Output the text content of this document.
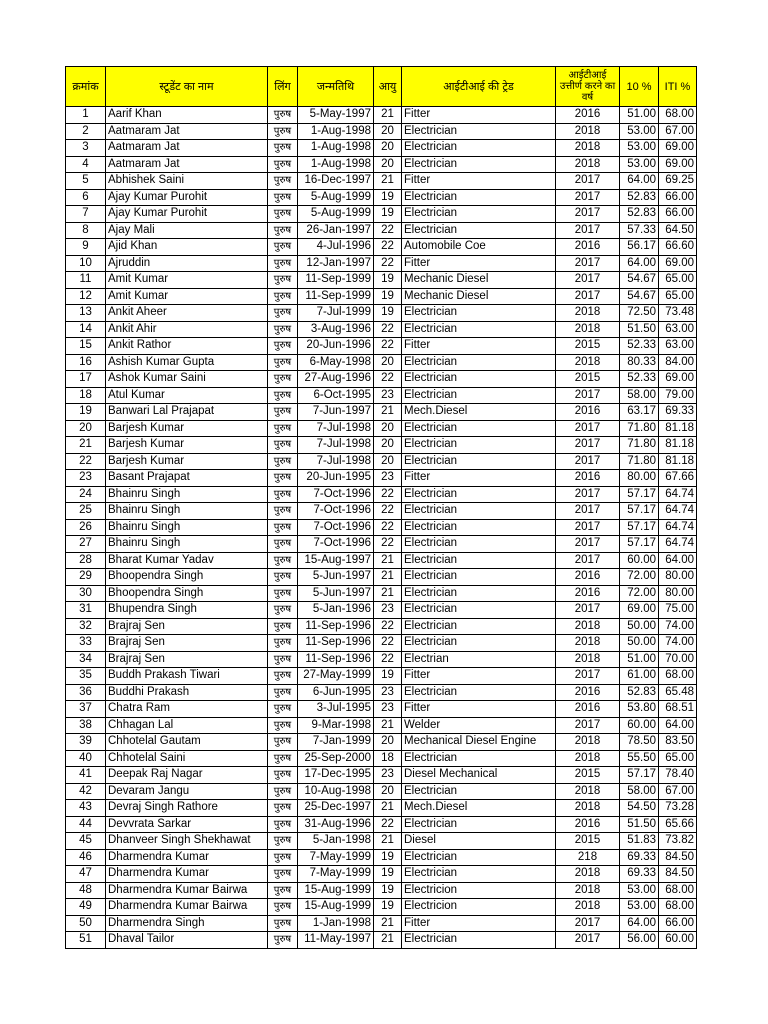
क्रमांक	स्टूडेंट का नाम	लिंग	जन्मतिथि	आयु	आईटीआई की ट्रेड	आईटीआई उत्तीर्ण करने का वर्ष	10 %	ITI %
1	Aarif Khan	पुरुष	5-May-1997	21	Fitter	2016	51.00	68.00
2	Aatmaram Jat	पुरुष	1-Aug-1998	20	Electrician	2018	53.00	67.00
3	Aatmaram Jat	पुरुष	1-Aug-1998	20	Electrician	2018	53.00	69.00
4	Aatmaram Jat	पुरुष	1-Aug-1998	20	Electrician	2018	53.00	69.00
5	Abhishek Saini	पुरुष	16-Dec-1997	21	Fitter	2017	64.00	69.25
6	Ajay Kumar Purohit	पुरुष	5-Aug-1999	19	Electrician	2017	52.83	66.00
7	Ajay Kumar Purohit	पुरुष	5-Aug-1999	19	Electrician	2017	52.83	66.00
8	Ajay Mali	पुरुष	26-Jan-1997	22	Electrician	2017	57.33	64.50
9	Ajid Khan	पुरुष	4-Jul-1996	22	Automobile Coe	2016	56.17	66.60
10	Ajruddin	पुरुष	12-Jan-1997	22	Fitter	2017	64.00	69.00
11	Amit Kumar	पुरुष	11-Sep-1999	19	Mechanic Diesel	2017	54.67	65.00
12	Amit Kumar	पुरुष	11-Sep-1999	19	Mechanic Diesel	2017	54.67	65.00
13	Ankit Aheer	पुरुष	7-Jul-1999	19	Electrician	2018	72.50	73.48
14	Ankit Ahir	पुरुष	3-Aug-1996	22	Electrician	2018	51.50	63.00
15	Ankit Rathor	पुरुष	20-Jun-1996	22	Fitter	2015	52.33	63.00
16	Ashish Kumar Gupta	पुरुष	6-May-1998	20	Electrician	2018	80.33	84.00
17	Ashok Kumar Saini	पुरुष	27-Aug-1996	22	Electrician	2015	52.33	69.00
18	Atul Kumar	पुरुष	6-Oct-1995	23	Electrician	2017	58.00	79.00
19	Banwari Lal Prajapat	पुरुष	7-Jun-1997	21	Mech.Diesel	2016	63.17	69.33
20	Barjesh Kumar	पुरुष	7-Jul-1998	20	Electrician	2017	71.80	81.18
21	Barjesh Kumar	पुरुष	7-Jul-1998	20	Electrician	2017	71.80	81.18
22	Barjesh Kumar	पुरुष	7-Jul-1998	20	Electrician	2017	71.80	81.18
23	Basant Prajapat	पुरुष	20-Jun-1995	23	Fitter	2016	80.00	67.66
24	Bhainru Singh	पुरुष	7-Oct-1996	22	Electrician	2017	57.17	64.74
25	Bhainru Singh	पुरुष	7-Oct-1996	22	Electrician	2017	57.17	64.74
26	Bhainru Singh	पुरुष	7-Oct-1996	22	Electrician	2017	57.17	64.74
27	Bhainru Singh	पुरुष	7-Oct-1996	22	Electrician	2017	57.17	64.74
28	Bharat Kumar Yadav	पुरुष	15-Aug-1997	21	Electrician	2017	60.00	64.00
29	Bhoopendra Singh	पुरुष	5-Jun-1997	21	Electrician	2016	72.00	80.00
30	Bhoopendra Singh	पुरुष	5-Jun-1997	21	Electrician	2016	72.00	80.00
31	Bhupendra Singh	पुरुष	5-Jan-1996	23	Electrician	2017	69.00	75.00
32	Brajraj Sen	पुरुष	11-Sep-1996	22	Electrician	2018	50.00	74.00
33	Brajraj Sen	पुरुष	11-Sep-1996	22	Electrician	2018	50.00	74.00
34	Brajraj Sen	पुरुष	11-Sep-1996	22	Electrian	2018	51.00	70.00
35	Buddh Prakash Tiwari	पुरुष	27-May-1999	19	Fitter	2017	61.00	68.00
36	Buddhi Prakash	पुरुष	6-Jun-1995	23	Electrician	2016	52.83	65.48
37	Chatra Ram	पुरुष	3-Jul-1995	23	Fitter	2016	53.80	68.51
38	Chhagan Lal	पुरुष	9-Mar-1998	21	Welder	2017	60.00	64.00
39	Chhotelal Gautam	पुरुष	7-Jan-1999	20	Mechanical Diesel Engine	2018	78.50	83.50
40	Chhotelal Saini	पुरुष	25-Sep-2000	18	Electrician	2018	55.50	65.00
41	Deepak Raj Nagar	पुरुष	17-Dec-1995	23	Diesel Mechanical	2015	57.17	78.40
42	Devaram Jangu	पुरुष	10-Aug-1998	20	Electrician	2018	58.00	67.00
43	Devraj Singh Rathore	पुरुष	25-Dec-1997	21	Mech.Diesel	2018	54.50	73.28
44	Devvrata Sarkar	पुरुष	31-Aug-1996	22	Electrician	2016	51.50	65.66
45	Dhanveer Singh Shekhawat	पुरुष	5-Jan-1998	21	Diesel	2015	51.83	73.82
46	Dharmendra Kumar	पुरुष	7-May-1999	19	Electrician	218	69.33	84.50
47	Dharmendra Kumar	पुरुष	7-May-1999	19	Electrician	2018	69.33	84.50
48	Dharmendra Kumar Bairwa	पुरुष	15-Aug-1999	19	Electricion	2018	53.00	68.00
49	Dharmendra Kumar Bairwa	पुरुष	15-Aug-1999	19	Electricion	2018	53.00	68.00
50	Dharmendra Singh	पुरुष	1-Jan-1998	21	Fitter	2017	64.00	66.00
51	Dhaval Tailor	पुरुष	11-May-1997	21	Electrician	2017	56.00	60.00
